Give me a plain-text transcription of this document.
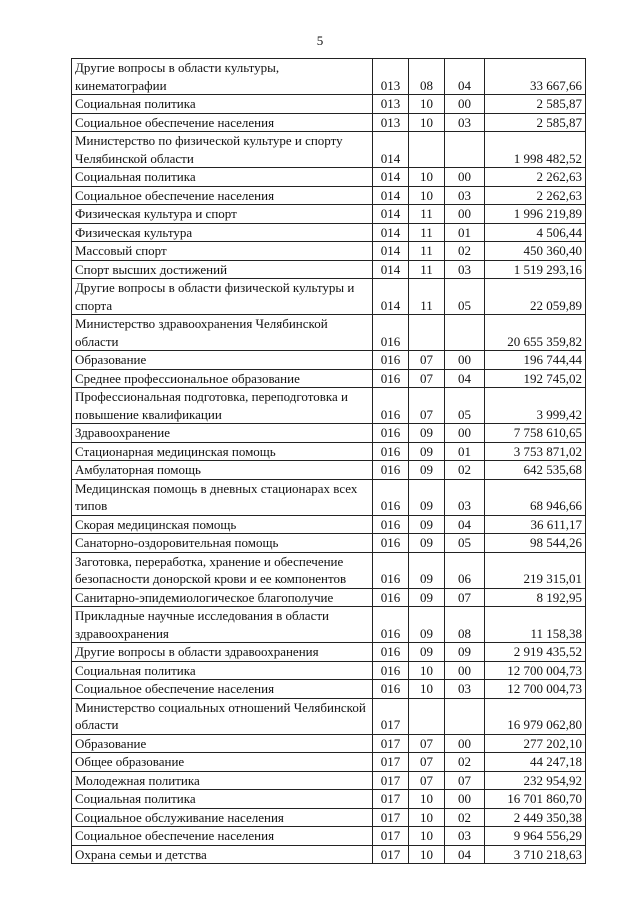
5
Другие вопросы в области культуры, кинематографии	013	08	04	33 667,66
Социальная политика	013	10	00	2 585,87
Социальное обеспечение населения	013	10	03	2 585,87
Министерство по физической культуре и спорту Челябинской области	014			1 998 482,52
Социальная политика	014	10	00	2 262,63
Социальное обеспечение населения	014	10	03	2 262,63
Физическая культура и спорт	014	11	00	1 996 219,89
Физическая культура	014	11	01	4 506,44
Массовый спорт	014	11	02	450 360,40
Спорт высших достижений	014	11	03	1 519 293,16
Другие вопросы в области физической культуры и спорта	014	11	05	22 059,89
Министерство здравоохранения Челябинской области	016			20 655 359,82
Образование	016	07	00	196 744,44
Среднее профессиональное образование	016	07	04	192 745,02
Профессиональная подготовка, переподготовка и повышение квалификации	016	07	05	3 999,42
Здравоохранение	016	09	00	7 758 610,65
Стационарная медицинская помощь	016	09	01	3 753 871,02
Амбулаторная помощь	016	09	02	642 535,68
Медицинская помощь в дневных стационарах всех типов	016	09	03	68 946,66
Скорая медицинская помощь	016	09	04	36 611,17
Санаторно-оздоровительная помощь	016	09	05	98 544,26
Заготовка, переработка, хранение и обеспечение безопасности донорской крови и ее компонентов	016	09	06	219 315,01
Санитарно-эпидемиологическое благополучие	016	09	07	8 192,95
Прикладные научные исследования в области здравоохранения	016	09	08	11 158,38
Другие вопросы в области здравоохранения	016	09	09	2 919 435,52
Социальная политика	016	10	00	12 700 004,73
Социальное обеспечение населения	016	10	03	12 700 004,73
Министерство социальных отношений Челябинской области	017			16 979 062,80
Образование	017	07	00	277 202,10
Общее образование	017	07	02	44 247,18
Молодежная политика	017	07	07	232 954,92
Социальная политика	017	10	00	16 701 860,70
Социальное обслуживание населения	017	10	02	2 449 350,38
Социальное обеспечение населения	017	10	03	9 964 556,29
Охрана семьи и детства	017	10	04	3 710 218,63
